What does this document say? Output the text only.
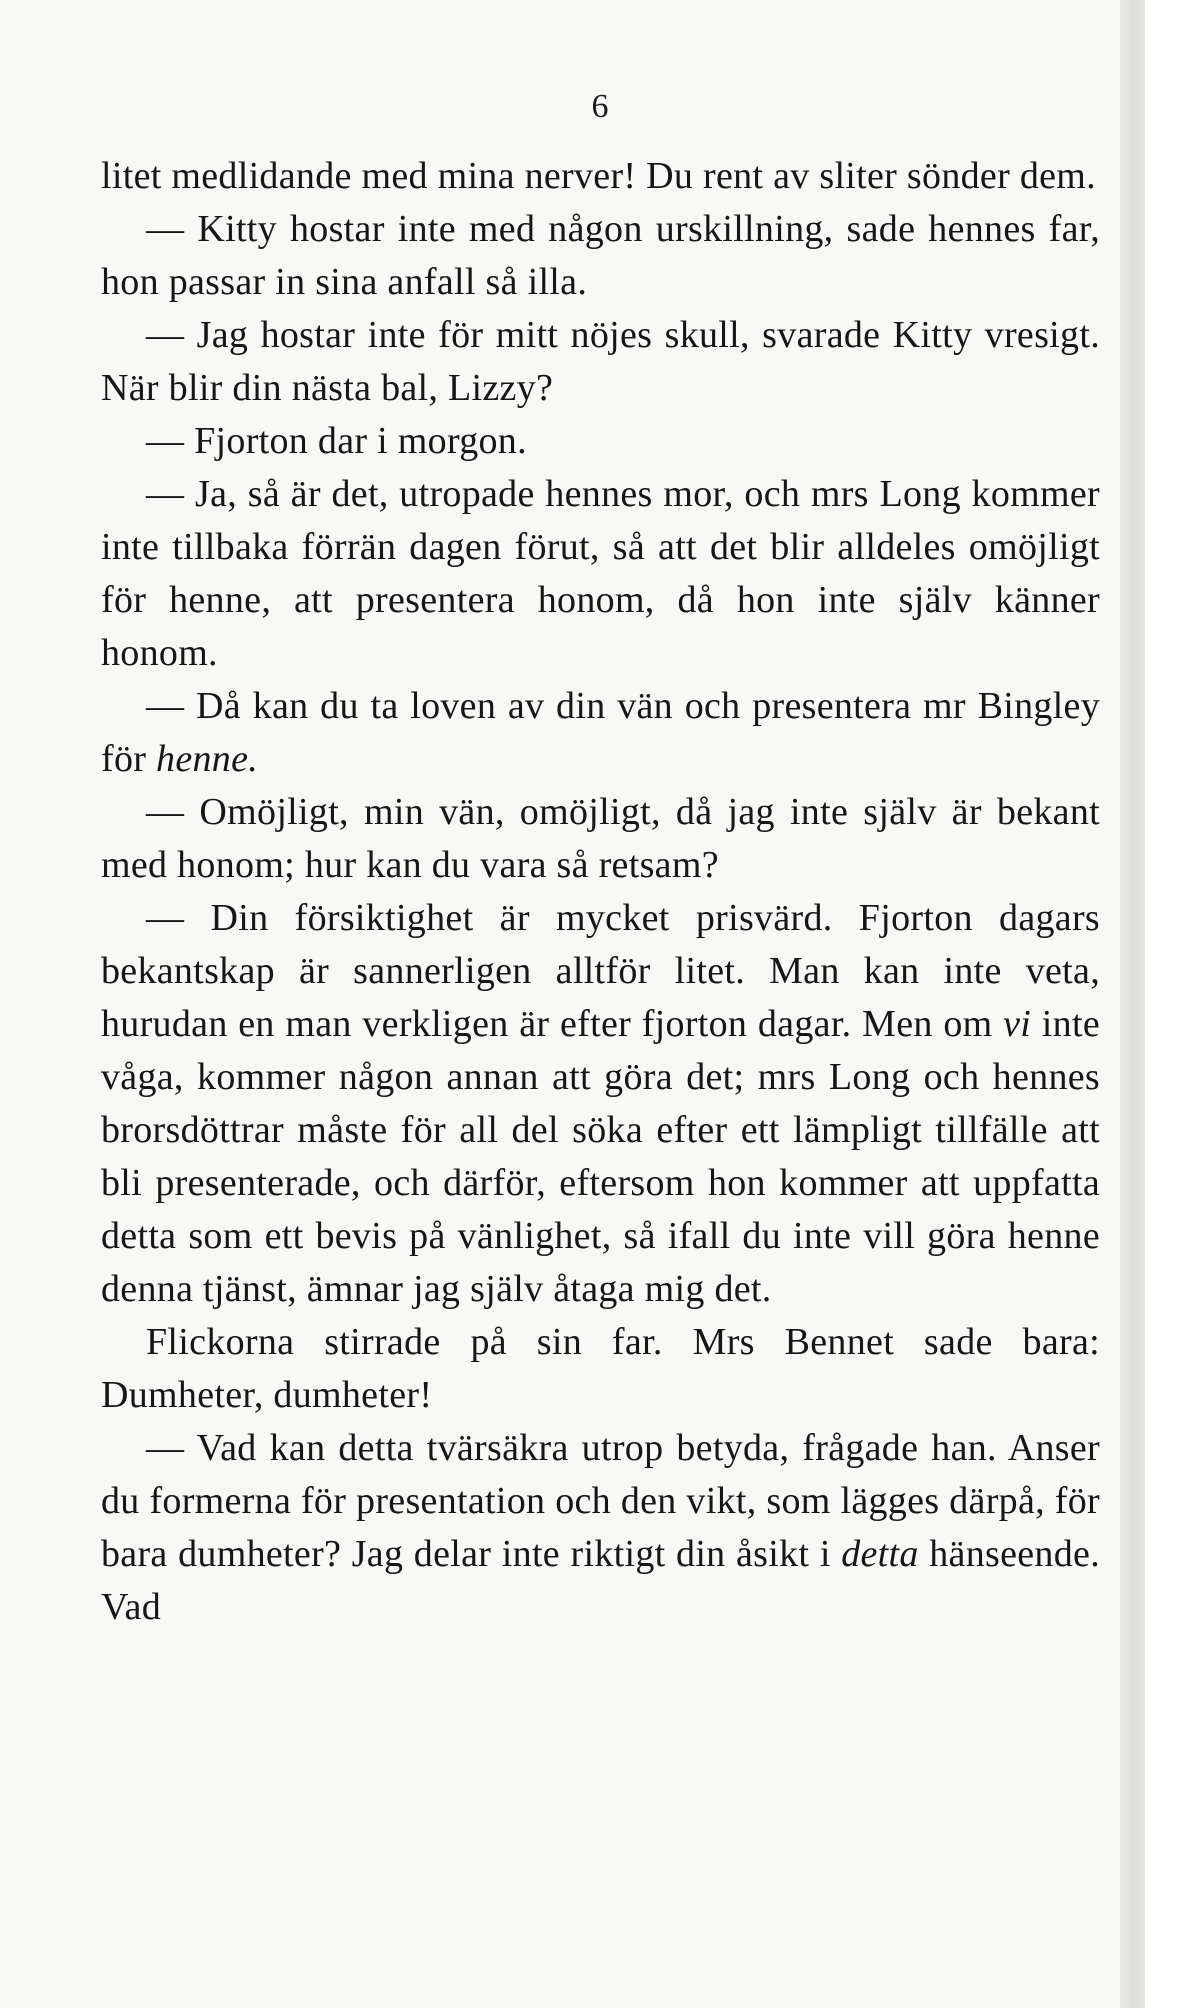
6

litet medlidande med mina nerver! Du rent av sliter sönder dem.

— Kitty hostar inte med någon urskillning, sade hennes far, hon passar in sina anfall så illa.

— Jag hostar inte för mitt nöjes skull, svarade Kitty vresigt. När blir din nästa bal, Lizzy?

— Fjorton dar i morgon.

— Ja, så är det, utropade hennes mor, och mrs Long kommer inte tillbaka förrän dagen förut, så att det blir alldeles omöjligt för henne, att presentera honom, då hon inte själv känner honom.

— Då kan du ta loven av din vän och presentera mr Bingley för henne.

— Omöjligt, min vän, omöjligt, då jag inte själv är bekant med honom; hur kan du vara så retsam?

— Din försiktighet är mycket prisvärd. Fjorton dagars bekantskap är sannerligen alltför litet. Man kan inte veta, hurudan en man verkligen är efter fjorton dagar. Men om vi inte våga, kommer någon annan att göra det; mrs Long och hennes brorsdöttrar måste för all del söka efter ett lämpligt tillfälle att bli presenterade, och därför, eftersom hon kommer att uppfatta detta som ett bevis på vänlighet, så ifall du inte vill göra henne denna tjänst, ämnar jag själv åtaga mig det.

Flickorna stirrade på sin far. Mrs Bennet sade bara: Dumheter, dumheter!

— Vad kan detta tvärsäkra utrop betyda, frågade han. Anser du formerna för presentation och den vikt, som lägges därpå, för bara dumheter? Jag delar inte riktigt din åsikt i detta hänseende. Vad
